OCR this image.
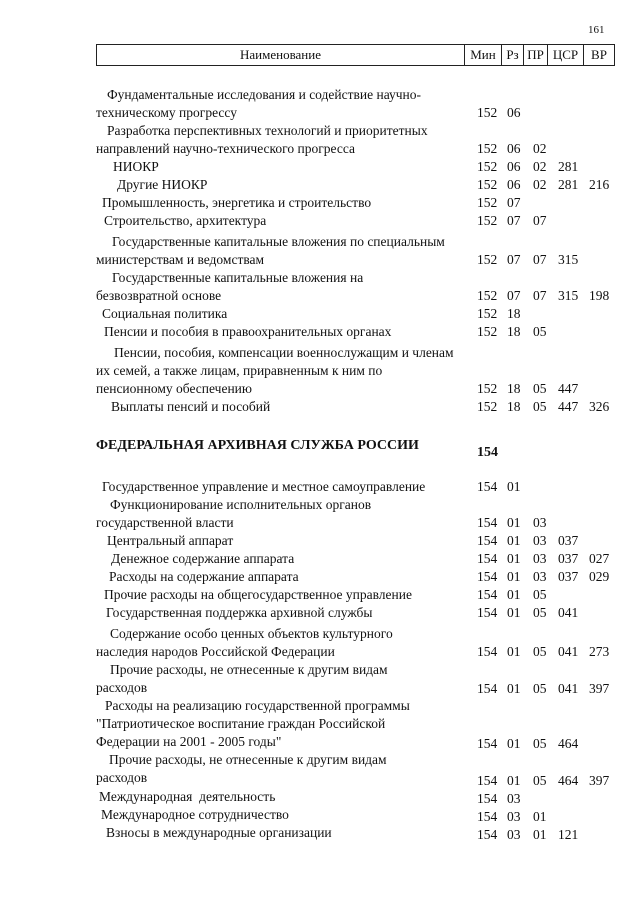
161
Наименование	Мин Рз ПР ЦСР ВР
Фундаментальные исследования и содействие научно-
техническому прогрессу	152 06
Разработка перспективных технологий и приоритетных
направлений научно-технического прогресса	152 06 02
НИОКР	152 06 02 281
Другие НИОКР	152 06 02 281 216
Промышленность, энергетика и строительство	152 07
Строительство, архитектура	152 07 07
Государственные капитальные вложения по специальным
министерствам и ведомствам	152 07 07 315
Государственные капитальные вложения на
безвозвратной основе	152 07 07 315 198
Социальная политика	152 18
Пенсии и пособия в правоохранительных органах	152 18 05
Пенсии, пособия, компенсации военнослужащим и членам
их семей, а также лицам, приравненным к ним по
пенсионному обеспечению	152 18 05 447
Выплаты пенсий и пособий	152 18 05 447 326
ФЕДЕРАЛЬНАЯ АРХИВНАЯ СЛУЖБА РОССИИ	154
Государственное управление и местное самоуправление	154 01
Функционирование исполнительных органов
государственной власти	154 01 03
Центральный аппарат	154 01 03 037
Денежное содержание аппарата	154 01 03 037 027
Расходы на содержание аппарата	154 01 03 037 029
Прочие расходы на общегосударственное управление	154 01 05
Государственная поддержка архивной службы	154 01 05 041
Содержание особо ценных объектов культурного
наследия народов Российской Федерации	154 01 05 041 273
Прочие расходы, не отнесенные к другим видам
расходов	154 01 05 041 397
Расходы на реализацию государственной программы
"Патриотическое воспитание граждан Российской
Федерации на 2001 - 2005 годы"	154 01 05 464
Прочие расходы, не отнесенные к другим видам
расходов	154 01 05 464 397
Международная  деятельность	154 03
Международное сотрудничество	154 03 01
Взносы в международные организации	154 03 01 121
